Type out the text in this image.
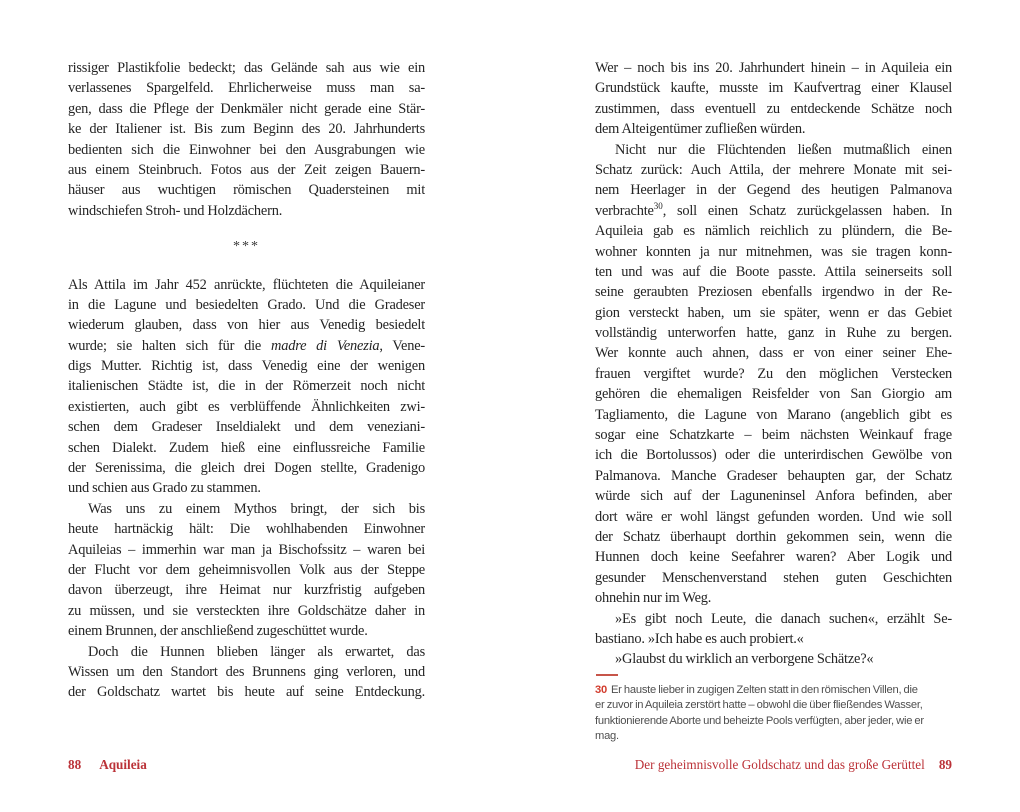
rissiger Plastikfolie bedeckt; das Gelände sah aus wie ein
verlassenes Spargelfeld. Ehrlicherweise muss man sa-
gen, dass die Pflege der Denkmäler nicht gerade eine Stär-
ke der Italiener ist. Bis zum Beginn des 20. Jahrhunderts
bedienten sich die Einwohner bei den Ausgrabungen wie
aus einem Steinbruch. Fotos aus der Zeit zeigen Bauern-
häuser aus wuchtigen römischen Quadersteinen mit
windschiefen Stroh- und Holzdächern.
***
Als Attila im Jahr 452 anrückte, flüchteten die Aquileianer
in die Lagune und besiedelten Grado. Und die Gradeser
wiederum glauben, dass von hier aus Venedig besiedelt
wurde; sie halten sich für die madre di Venezia, Vene-
digs Mutter. Richtig ist, dass Venedig eine der wenigen
italienischen Städte ist, die in der Römerzeit noch nicht
existierten, auch gibt es verblüffende Ähnlichkeiten zwi-
schen dem Gradeser Inseldialekt und dem veneziani-
schen Dialekt. Zudem hieß eine einflussreiche Familie
der Serenissima, die gleich drei Dogen stellte, Gradenigo
und schien aus Grado zu stammen.
Was uns zu einem Mythos bringt, der sich bis
heute hartnäckig hält: Die wohlhabenden Einwohner
Aquileias – immerhin war man ja Bischofssitz – waren bei
der Flucht vor dem geheimnisvollen Volk aus der Steppe
davon überzeugt, ihre Heimat nur kurzfristig aufgeben
zu müssen, und sie versteckten ihre Goldschätze daher in
einem Brunnen, der anschließend zugeschüttet wurde.
Doch die Hunnen blieben länger als erwartet, das
Wissen um den Standort des Brunnens ging verloren, und
der Goldschatz wartet bis heute auf seine Entdeckung.
Wer – noch bis ins 20. Jahrhundert hinein – in Aquileia ein
Grundstück kaufte, musste im Kaufvertrag einer Klausel
zustimmen, dass eventuell zu entdeckende Schätze noch
dem Alteigentümer zufließen würden.
Nicht nur die Flüchtenden ließen mutmaßlich einen
Schatz zurück: Auch Attila, der mehrere Monate mit sei-
nem Heerlager in der Gegend des heutigen Palmanova
verbrachte$^{30}$, soll einen Schatz zurückgelassen haben. In
Aquileia gab es nämlich reichlich zu plündern, die Be-
wohner konnten ja nur mitnehmen, was sie tragen konn-
ten und was auf die Boote passte. Attila seinerseits soll
seine geraubten Preziosen ebenfalls irgendwo in der Re-
gion versteckt haben, um sie später, wenn er das Gebiet
vollständig unterworfen hatte, ganz in Ruhe zu bergen.
Wer konnte auch ahnen, dass er von einer seiner Ehe-
frauen vergiftet wurde? Zu den möglichen Verstecken
gehören die ehemaligen Reisfelder von San Giorgio am
Tagliamento, die Lagune von Marano (angeblich gibt es
sogar eine Schatzkarte – beim nächsten Weinkauf frage
ich die Bortolussos) oder die unterirdischen Gewölbe von
Palmanova. Manche Gradeser behaupten gar, der Schatz
würde sich auf der Laguneninsel Anfora befinden, aber
dort wäre er wohl längst gefunden worden. Und wie soll
der Schatz überhaupt dorthin gekommen sein, wenn die
Hunnen doch keine Seefahrer waren? Aber Logik und
gesunder Menschenverstand stehen guten Geschichten
ohnehin nur im Weg.
»Es gibt noch Leute, die danach suchen«, erzählt Se-
bastiano. »Ich habe es auch probiert.«
»Glaubst du wirklich an verborgene Schätze?«
30 Er hauste lieber in zugigen Zelten statt in den römischen Villen, die
er zuvor in Aquileia zerstört hatte – obwohl die über fließendes Wasser,
funktionierende Aborte und beheizte Pools verfügten, aber jeder, wie er
mag.
88 Aquileia	Der geheimnisvolle Goldschatz und das große Gerüttel 89
